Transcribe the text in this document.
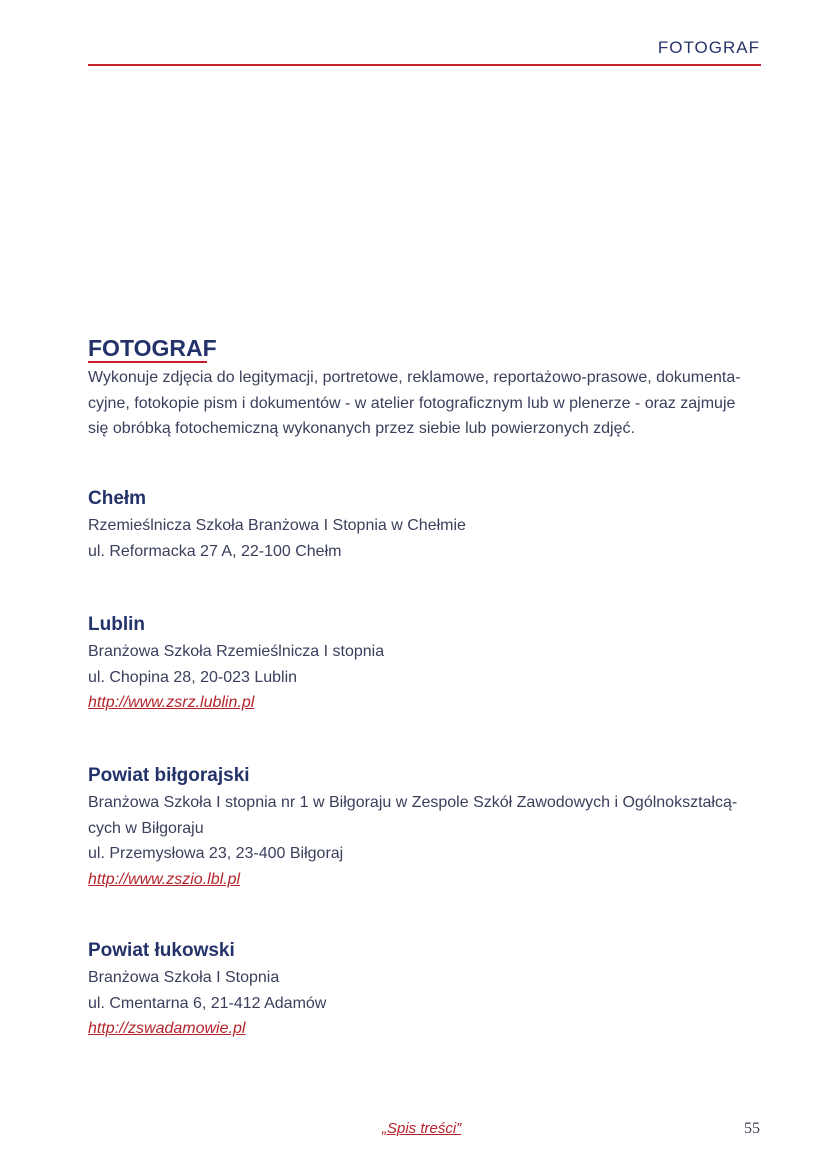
FOTOGRAF
FOTOGRAF
Wykonuje zdjęcia do legitymacji, portretowe, reklamowe, reportażowo-prasowe, dokumenta-
cyjne, fotokopie pism i dokumentów - w atelier fotograficznym lub w plenerze - oraz zajmuje
się obróbką fotochemiczną wykonanych przez siebie lub powierzonych zdjęć.
Chełm

Rzemieślnicza Szkoła Branżowa I Stopnia w Chełmie

ul. Reformacka 27 A, 22-100 Chełm

Lublin

Branżowa Szkoła Rzemieślnicza I stopnia

ul. Chopina 28, 20-023 Lublin

http://www.zsrz.lublin.pl
Powiat biłgorajski

Branżowa Szkoła I stopnia nr 1 w Biłgoraju w Zespole Szkół Zawodowych i Ogólnokształcą-

cych w Biłgoraju

ul. Przemysłowa 23, 23-400 Biłgoraj

http://www.zszio.lbl.pl
Powiat łukowski

Branżowa Szkoła I Stopnia

ul. Cmentarna 6, 21-412 Adamów

http://zswadamowie.pl
„Spis treści”	55
